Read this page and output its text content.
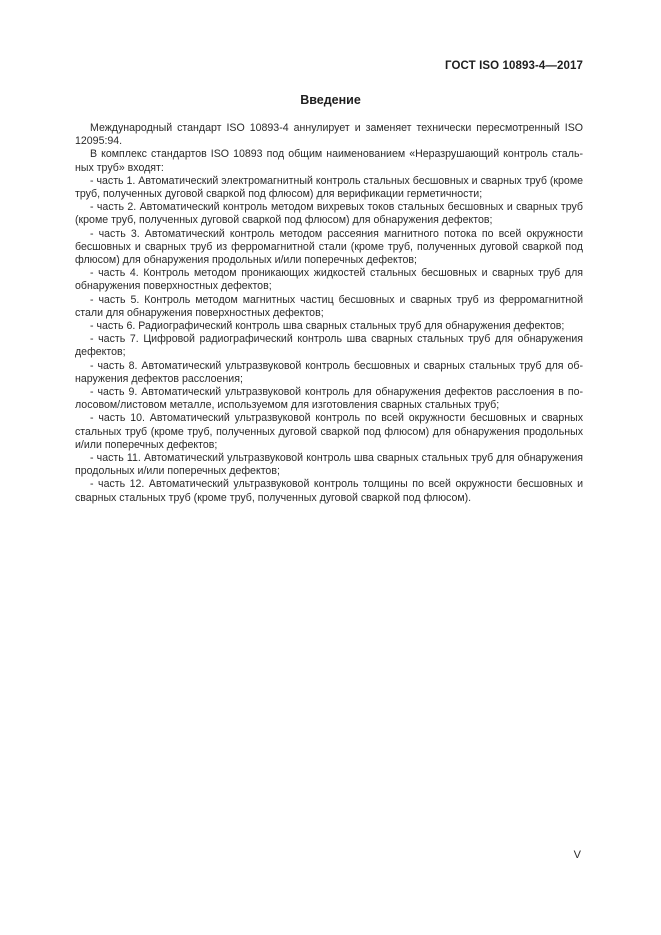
ГОСТ ISO 10893-4—2017
Введение

Международный стандарт ISO 10893-4 аннулирует и заменяет технически пересмотренный ISO 12095:94.

В комплекс стандартов ISO 10893 под общим наименованием «Неразрушающий контроль стальных труб» входят:

- часть 1. Автоматический электромагнитный контроль стальных бесшовных и сварных труб (кроме труб, полученных дуговой сваркой под флюсом) для верификации герметичности;

- часть 2. Автоматический контроль методом вихревых токов стальных бесшовных и сварных труб (кроме труб, полученных дуговой сваркой под флюсом) для обнаружения дефектов;

- часть 3. Автоматический контроль методом рассеяния магнитного потока по всей окружности бесшовных и сварных труб из ферромагнитной стали (кроме труб, полученных дуговой сваркой под флюсом) для обнаружения продольных и/или поперечных дефектов;

- часть 4. Контроль методом проникающих жидкостей стальных бесшовных и сварных труб для обнаружения поверхностных дефектов;

- часть 5. Контроль методом магнитных частиц бесшовных и сварных труб из ферромагнитной стали для обнаружения поверхностных дефектов;

- часть 6. Радиографический контроль шва сварных стальных труб для обнаружения дефектов;

- часть 7. Цифровой радиографический контроль шва сварных стальных труб для обнаружения дефектов;

- часть 8. Автоматический ультразвуковой контроль бесшовных и сварных стальных труб для обнаружения дефектов расслоения;

- часть 9. Автоматический ультразвуковой контроль для обнаружения дефектов расслоения в полосовом/листовом металле, используемом для изготовления сварных стальных труб;

- часть 10. Автоматический ультразвуковой контроль по всей окружности бесшовных и сварных стальных труб (кроме труб, полученных дуговой сваркой под флюсом) для обнаружения продольных и/или поперечных дефектов;

- часть 11. Автоматический ультразвуковой контроль шва сварных стальных труб для обнаружения продольных и/или поперечных дефектов;

- часть 12. Автоматический ультразвуковой контроль толщины по всей окружности бесшовных и сварных стальных труб (кроме труб, полученных дуговой сваркой под флюсом).

V
